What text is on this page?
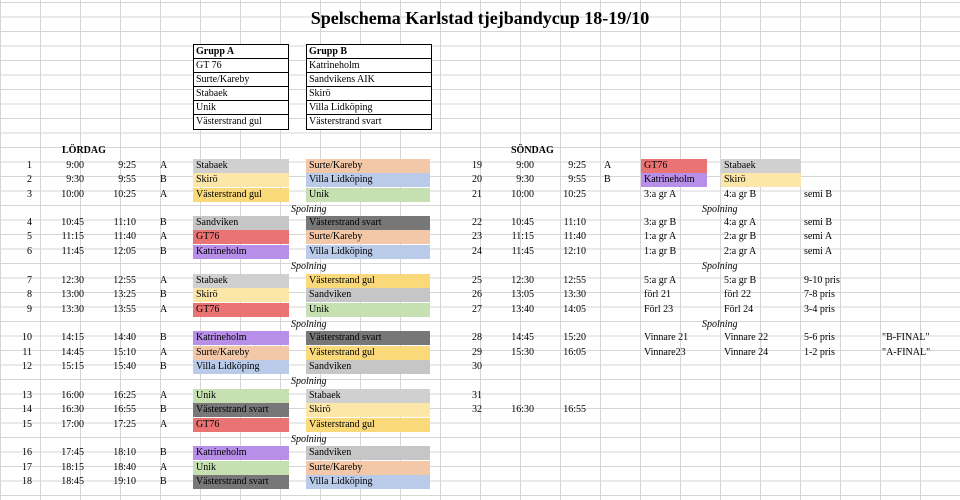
Spelschema Karlstad tjejbandycup 18-19/10
Grupp A
GT 76
Surte/Kareby
Stabaek
Unik
Västerstrand gul
Grupp B
Katrineholm
Sandvikens AIK
Skirö
Villa Lidköping
Västerstrand svart
LÖRDAG	SÖNDAG
1	9:00	9:25 A	Stabaek	Surte/Kareby
2	9:30	9:55 B	Skirö	Villa Lidköping
3	10:00	10:25 A	Västerstrand gul	Unik
4	10:45	11:10 B	Sandviken	Västerstrand svart
5	11:15	11:40 A	GT76	Surte/Kareby
6	11:45	12:05 B	Katrineholm	Villa Lidköping
7	12:30	12:55 A	Stabaek	Västerstrand gul
8	13:00	13:25 B	Skirö	Sandviken
9	13:30	13:55 A	GT76	Unik
10	14:15	14:40 B	Katrineholm	Västerstrand svart
11	14:45	15:10 A	Surte/Kareby	Västerstrand gul
12	15:15	15:40 B	Villa Lidköping	Sandviken
13	16:00	16:25 A	Unik	Stabaek
14	16:30	16:55 B	Västerstrand svart	Skirö
15	17:00	17:25 A	GT76	Västerstrand gul
16	17:45	18:10 B	Katrineholm	Sandviken
17	18:15	18:40 A	Unik	Surte/Kareby
18	18:45	19:10 B	Västerstrand svart	Villa Lidköping
Spolning
Spolning
Spolning
Spolning
Spolning
19	9:00	9:25 A	GT76	Stabaek
20	9:30	9:55 B	Katrineholm	Skirö
21	10:00	10:25	3:a gr A	4:a gr B	semi B
22	10:45	11:10	3:a gr B	4:a gr A	semi B
23	11:15	11:40	1:a gr A	2:a gr B	semi A
24	11:45	12:10	1:a gr B	2:a gr A	semi A
25	12:30	12:55	5:a gr A	5:a gr B	9-10 pris
26	13:05	13:30	förl 21	förl 22	7-8 pris
27	13:40	14:05	Förl 23	Förl 24	3-4 pris
28	14:45	15:20	Vinnare 21	Vinnare 22	5-6 pris	"B-FINAL"
29	15:30	16:05	Vinnare23	Vinnare 24	1-2 pris	"A-FINAL"
30
31
32	16:30	16:55
Spolning
Spolning
Spolning
